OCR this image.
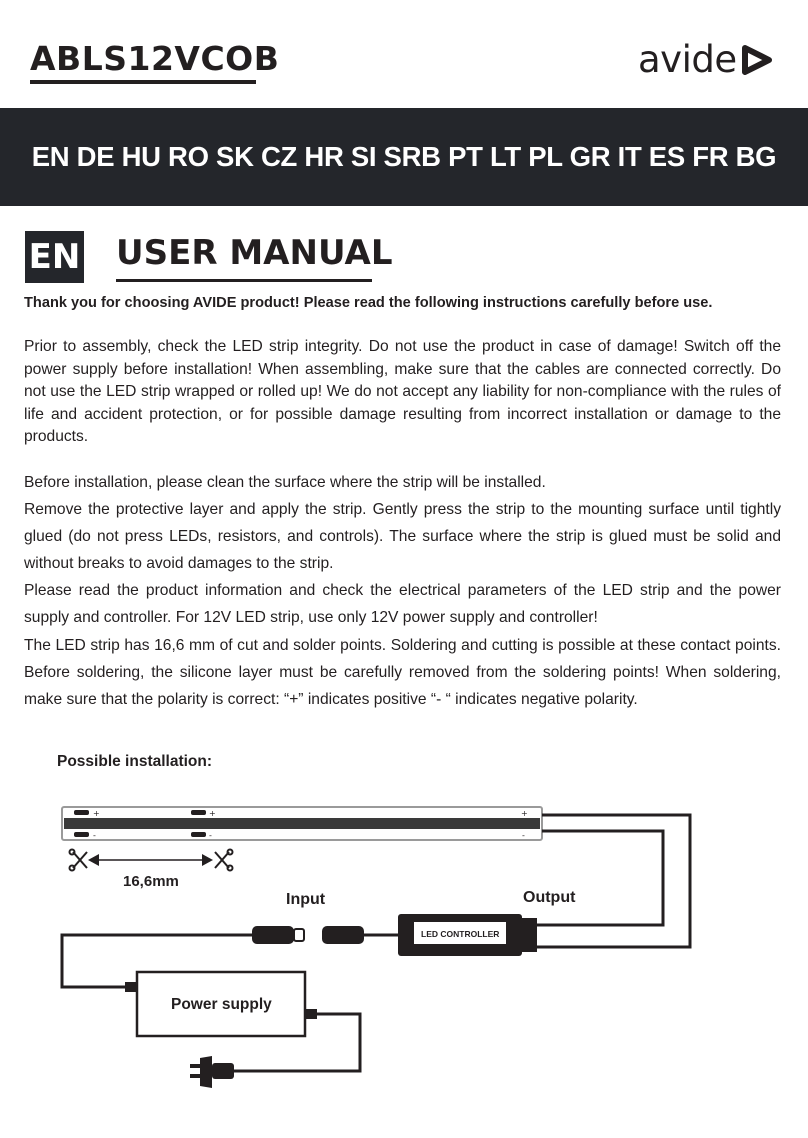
ABLS12VCOB	avide
EN DE HU RO SK CZ HR SI SRB PT LT PL GR IT ES FR BG
EN USER MANUAL
Thank you for choosing AVIDE product! Please read the following instructions carefully before use.
Prior to assembly, check the LED strip integrity. Do not use the product in case of damage! Switch off the power supply before installation! When assembling, make sure that the cables are connected correctly. Do not use the LED strip wrapped or rolled up! We do not accept any liability for non-compliance with the rules of life and accident protection, or for possible damage resulting from incorrect installation or damage to the products.

Before installation, please clean the surface where the strip will be installed.

Remove the protective layer and apply the strip. Gently press the strip to the mounting surface until tightly glued (do not press LEDs, resistors, and controls). The surface where the strip is glued must be solid and without breaks to avoid damages to the strip.

Please read the product information and check the electrical parameters of the LED strip and the power supply and controller. For 12V LED strip, use only 12V power supply and controller!

The LED strip has 16,6 mm of cut and solder points. Soldering and cutting is possible at these contact points. Before soldering, the silicone layer must be carefully removed from the soldering points! When soldering, make sure that the polarity is correct: “+” indicates positive “- “ indicates negative polarity.

Possible installation:
+
-
+
-
+
-
16,6mm
Input	Output
Power supply
LED CONTROLLER
